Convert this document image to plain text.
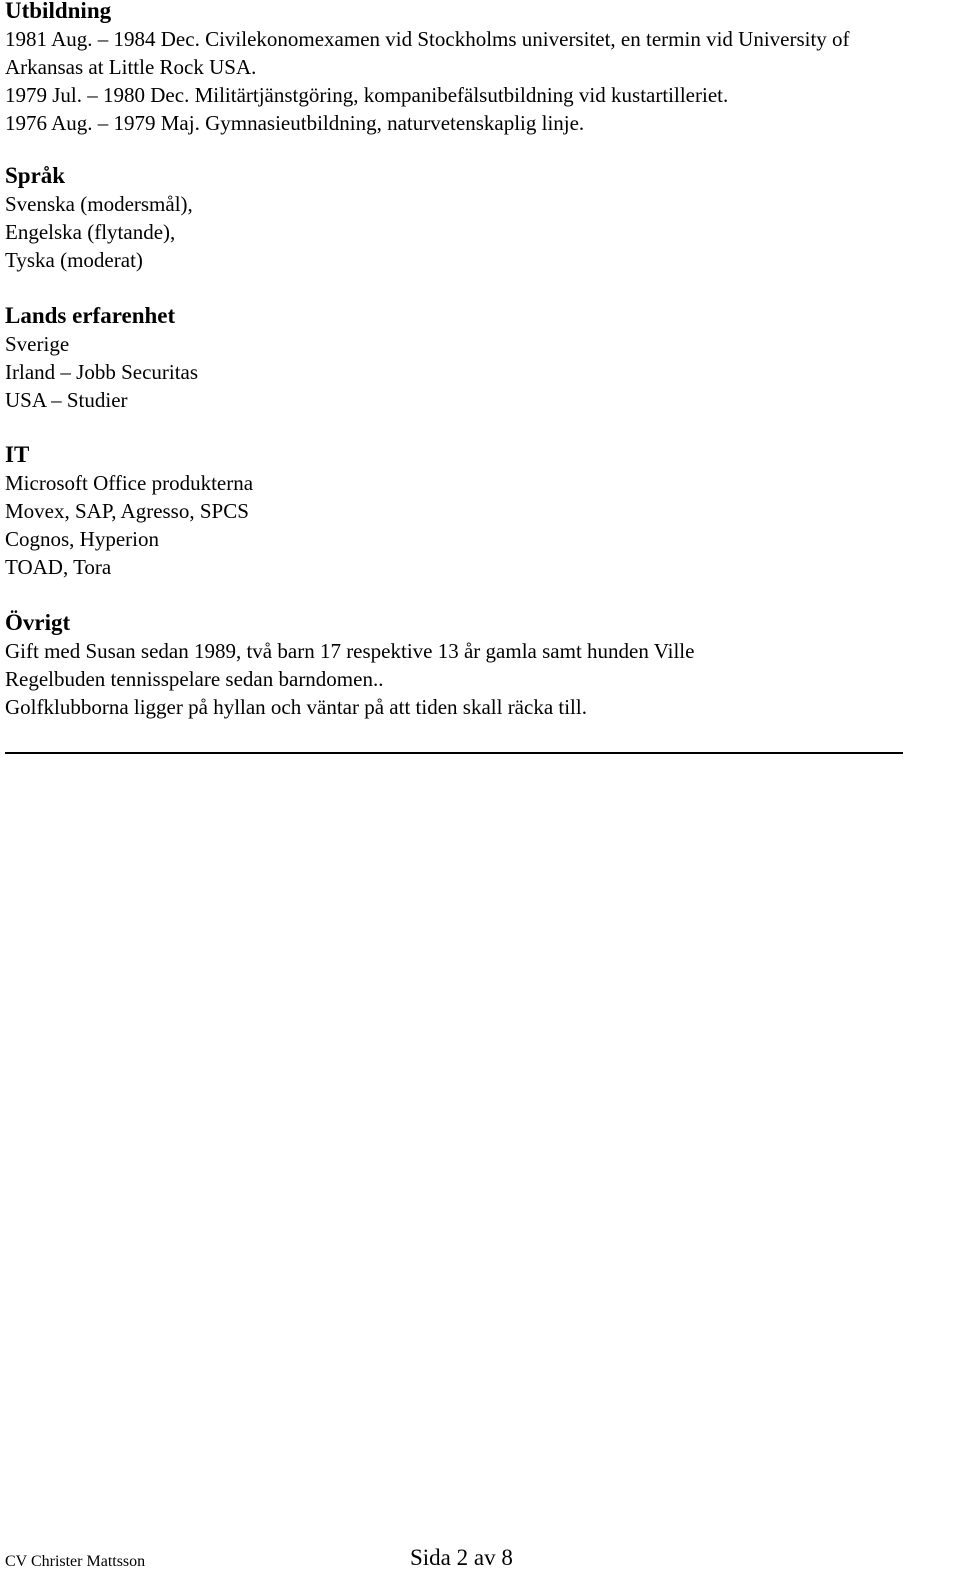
Utbildning

1981 Aug. – 1984 Dec. Civilekonomexamen vid Stockholms universitet, en termin vid University of

Arkansas at Little Rock USA.

1979 Jul. – 1980 Dec. Militärtjänstgöring, kompanibefälsutbildning vid kustartilleriet.

1976 Aug. – 1979 Maj. Gymnasieutbildning, naturvetenskaplig linje.

Språk

Svenska (modersmål),

Engelska (flytande),

Tyska (moderat)

Lands erfarenhet

Sverige

Irland – Jobb Securitas

USA – Studier

IT

Microsoft Office produkterna

Movex, SAP, Agresso, SPCS

Cognos, Hyperion

TOAD, Tora

Övrigt

Gift med Susan sedan 1989, två barn 17 respektive 13 år gamla samt hunden Ville

Regelbuden tennisspelare sedan barndomen..

Golfklubborna ligger på hyllan och väntar på att tiden skall räcka till.

CV Christer Mattsson	Sida 2 av 8
